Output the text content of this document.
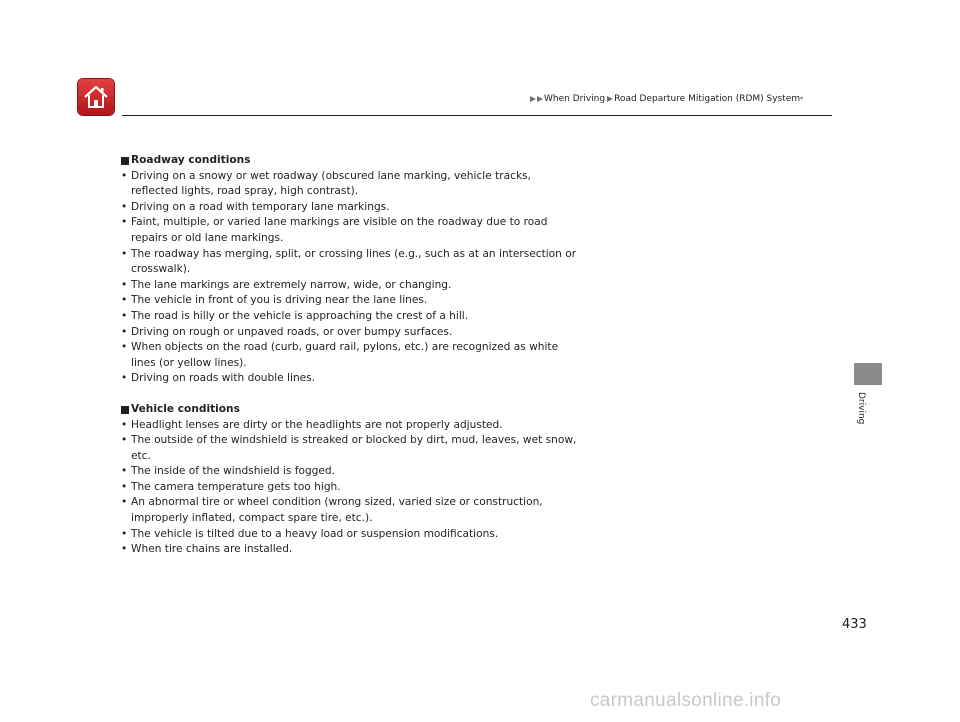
When Driving Road Departure Mitigation (RDM) System *
Roadway conditions
• Driving on a snowy or wet roadway (obscured lane marking, vehicle tracks, reflected lights, road spray, high contrast).
• Driving on a road with temporary lane markings.
• Faint, multiple, or varied lane markings are visible on the roadway due to road repairs or old lane markings.
• The roadway has merging, split, or crossing lines (e.g., such as at an intersection or crosswalk).
• The lane markings are extremely narrow, wide, or changing.
• The vehicle in front of you is driving near the lane lines.
• The road is hilly or the vehicle is approaching the crest of a hill.
• Driving on rough or unpaved roads, or over bumpy surfaces.
• When objects on the road (curb, guard rail, pylons, etc.) are recognized as white lines (or yellow lines).
• Driving on roads with double lines.
Vehicle conditions
• Headlight lenses are dirty or the headlights are not properly adjusted.
• The outside of the windshield is streaked or blocked by dirt, mud, leaves, wet snow, etc.
• The inside of the windshield is fogged.
• The camera temperature gets too high.
• An abnormal tire or wheel condition (wrong sized, varied size or construction, improperly inflated, compact spare tire, etc.).
• The vehicle is tilted due to a heavy load or suspension modifications.
• When tire chains are installed.
Driving
433
carmanualsonline.info
